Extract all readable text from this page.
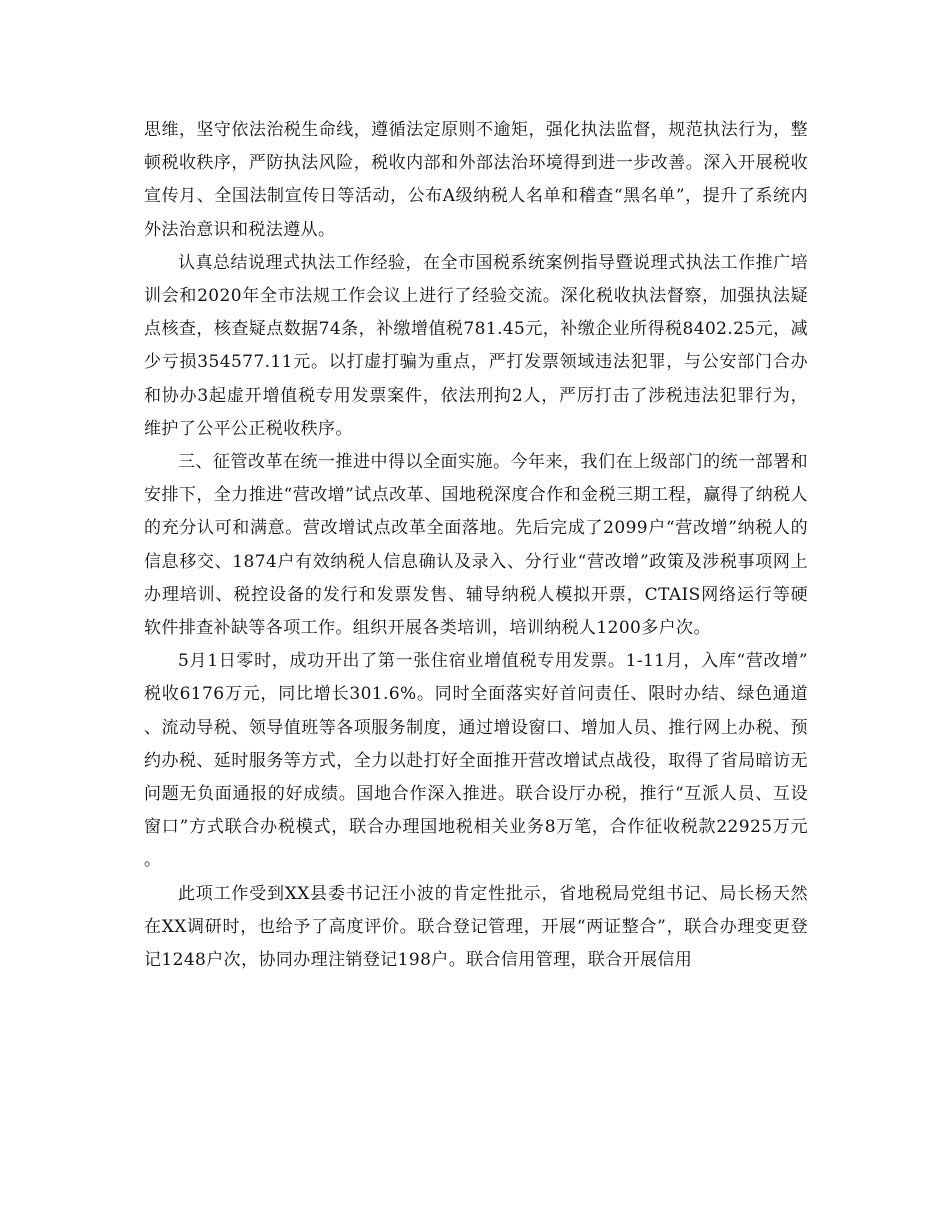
思维，坚守依法治税生命线，遵循法定原则不逾矩，强化执法监督，规范执法行为，整顿税收秩序，严防执法风险，税收内部和外部法治环境得到进一步改善。深入开展税收宣传月、全国法制宣传日等活动，公布A级纳税人名单和稽查“黑名单”，提升了系统内外法治意识和税法遵从。

认真总结说理式执法工作经验，在全市国税系统案例指导暨说理式执法工作推广培训会和2020年全市法规工作会议上进行了经验交流。深化税收执法督察，加强执法疑点核查，核查疑点数据74条，补缴增值税781.45元，补缴企业所得税8402.25元，减少亏损354577.11元。以打虚打骗为重点，严打发票领域违法犯罪，与公安部门合办和协办3起虚开增值税专用发票案件，依法刑拘2人，严厉打击了涉税违法犯罪行为，维护了公平公正税收秩序。

三、征管改革在统一推进中得以全面实施。今年来，我们在上级部门的统一部署和安排下，全力推进“营改增”试点改革、国地税深度合作和金税三期工程，赢得了纳税人的充分认可和满意。营改增试点改革全面落地。先后完成了2099户“营改增”纳税人的信息移交、1874户有效纳税人信息确认及录入、分行业“营改增”政策及涉税事项网上办理培训、税控设备的发行和发票发售、辅导纳税人模拟开票，CTAIS网络运行等硬软件排查补缺等各项工作。组织开展各类培训，培训纳税人1200多户次。

5月1日零时，成功开出了第一张住宿业增值税专用发票。1-11月，入库“营改增”税收6176万元，同比增长301.6%。同时全面落实好首问责任、限时办结、绿色通道、流动导税、领导值班等各项服务制度，通过增设窗口、增加人员、推行网上办税、预约办税、延时服务等方式，全力以赴打好全面推开营改增试点战役，取得了省局暗访无问题无负面通报的好成绩。国地合作深入推进。联合设厅办税，推行“互派人员、互设窗口”方式联合办税模式，联合办理国地税相关业务8万笔，合作征收税款22925万元。

此项工作受到XX县委书记汪小波的肯定性批示，省地税局党组书记、局长杨天然在XX调研时，也给予了高度评价。联合登记管理，开展“两证整合”，联合办理变更登记1248户次，协同办理注销登记198户。联合信用管理，联合开展信用
